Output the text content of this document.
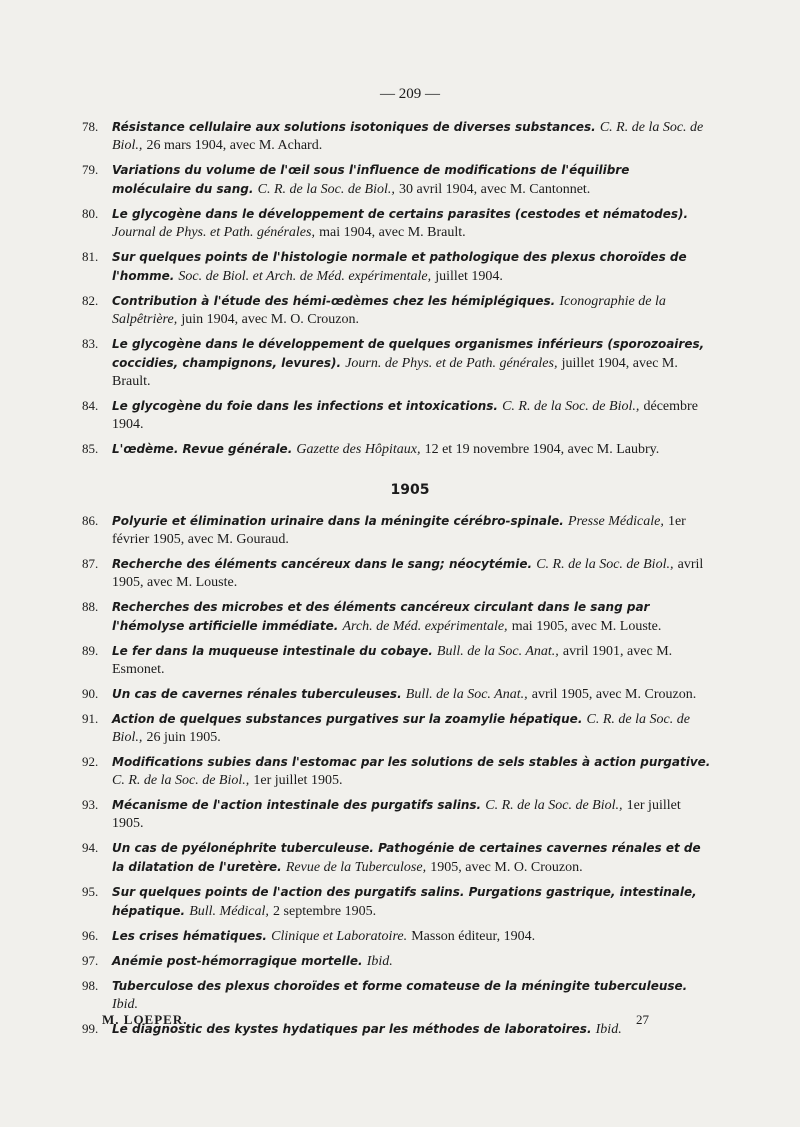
— 209 —
78.	Résistance cellulaire aux solutions isotoniques de diverses substances. C. R. de la Soc. de Biol., 26 mars 1904, avec M. Achard.
79.	Variations du volume de l'œil sous l'influence de modifications de l'équilibre moléculaire du sang. C. R. de la Soc. de Biol., 30 avril 1904, avec M. Cantonnet.
80.	Le glycogène dans le développement de certains parasites (cestodes et nématodes). Journal de Phys. et Path. générales, mai 1904, avec M. Brault.
81.	Sur quelques points de l'histologie normale et pathologique des plexus choroïdes de l'homme. Soc. de Biol. et Arch. de Méd. expérimentale, juillet 1904.
82.	Contribution à l'étude des hémi-œdèmes chez les hémiplégiques. Iconographie de la Salpêtrière, juin 1904, avec M. O. Crouzon.
83.	Le glycogène dans le développement de quelques organismes inférieurs (sporozoaires, coccidies, champignons, levures). Journ. de Phys. et de Path. générales, juillet 1904, avec M. Brault.
84.	Le glycogène du foie dans les infections et intoxications. C. R. de la Soc. de Biol., décembre 1904.
85.	L'œdème. Revue générale. Gazette des Hôpitaux, 12 et 19 novembre 1904, avec M. Laubry.
1905
86.	Polyurie et élimination urinaire dans la méningite cérébro-spinale. Presse Médicale, 1er février 1905, avec M. Gouraud.
87.	Recherche des éléments cancéreux dans le sang; néocytémie. C. R. de la Soc. de Biol., avril 1905, avec M. Louste.
88.	Recherches des microbes et des éléments cancéreux circulant dans le sang par l'hémolyse artificielle immédiate. Arch. de Méd. expérimentale, mai 1905, avec M. Louste.
89.	Le fer dans la muqueuse intestinale du cobaye. Bull. de la Soc. Anat., avril 1901, avec M. Esmonet.
90.	Un cas de cavernes rénales tuberculeuses. Bull. de la Soc. Anat., avril 1905, avec M. Crouzon.
91.	Action de quelques substances purgatives sur la zoamylie hépatique. C. R. de la Soc. de Biol., 26 juin 1905.
92.	Modifications subies dans l'estomac par les solutions de sels stables à action purgative. C. R. de la Soc. de Biol., 1er juillet 1905.
93.	Mécanisme de l'action intestinale des purgatifs salins. C. R. de la Soc. de Biol., 1er juillet 1905.
94.	Un cas de pyélonéphrite tuberculeuse. Pathogénie de certaines cavernes rénales et de la dilatation de l'uretère. Revue de la Tuberculose, 1905, avec M. O. Crouzon.
95.	Sur quelques points de l'action des purgatifs salins. Purgations gastrique, intestinale, hépatique. Bull. Médical, 2 septembre 1905.
96.	Les crises hématiques. Clinique et Laboratoire. Masson éditeur, 1904.
97.	Anémie post-hémorragique mortelle. Ibid.
98.	Tuberculose des plexus choroïdes et forme comateuse de la méningite tuberculeuse. Ibid.
99.	Le diagnostic des kystes hydatiques par les méthodes de laboratoires. Ibid.
M. LOEPER.	27
